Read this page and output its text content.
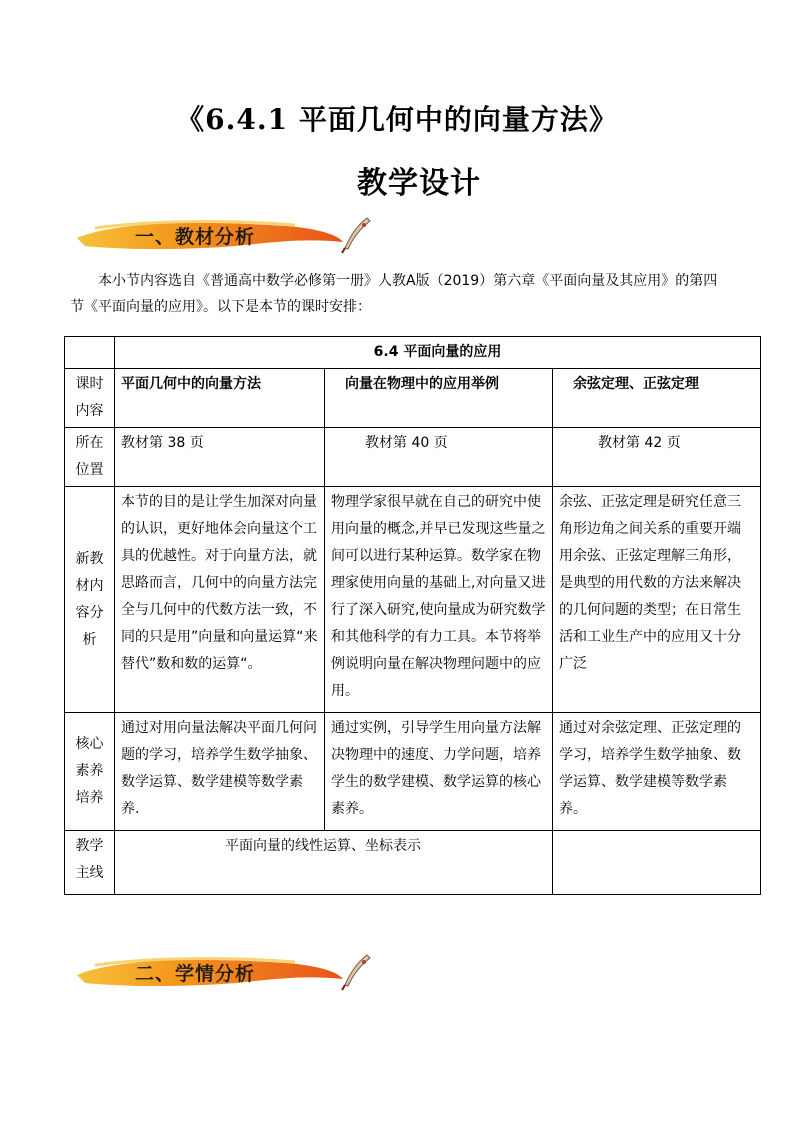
《6.4.1 平面几何中的向量方法》
教学设计
一、教材分析

本小节内容选自《普通高中数学必修第一册》人教A版（2019）第六章《平面向量及其应用》的第四

节《平面向量的应用》。以下是本节的课时安排：

	6.4 平面向量的应用		
课时内容	平面几何中的向量方法	向量在物理中的应用举例	余弦定理、正弦定理
所在位置	教材第 38 页	教材第 40 页	教材第 42 页
新教材内容分析	本节的目的是让学生加深对向量的认识，更好地体会向量这个工具的优越性。对于向量方法，就思路而言，几何中的向量方法完全与几何中的代数方法一致，不同的只是用”向量和向量运算“来替代”数和数的运算“。	物理学家很早就在自己的研究中使用向量的概念,并早已发现这些量之间可以进行某种运算。数学家在物理家使用向量的基础上,对向量又进行了深入研究,使向量成为研究数学和其他科学的有力工具。本节将举例说明向量在解决物理问题中的应用。	余弦、正弦定理是研究任意三角形边角之间关系的重要开端用余弦、正弦定理解三角形，是典型的用代数的方法来解决的几何问题的类型；在日常生活和工业生产中的应用又十分广泛
核心素养培养	通过对用向量法解决平面几何问题的学习，培养学生数学抽象、数学运算、数学建模等数学素养.	通过实例，引导学生用向量方法解决物理中的速度、力学问题，培养学生的数学建模、数学运算的核心素养。	通过对余弦定理、正弦定理的学习，培养学生数学抽象、数学运算、数学建模等数学素养。
教学主线	平面向量的线性运算、坐标表示		
二、学情分析
